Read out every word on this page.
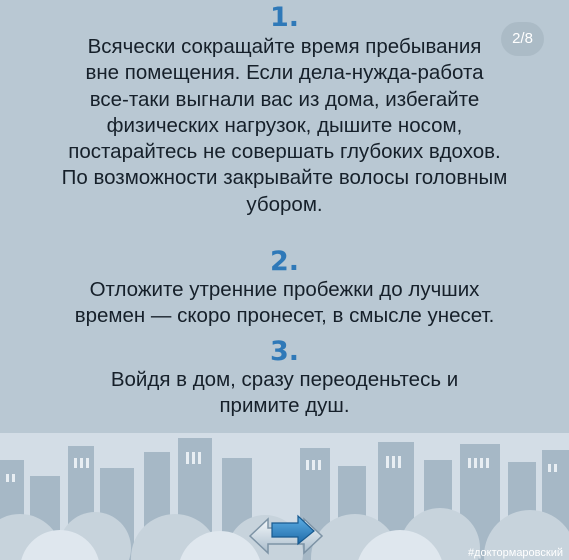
2/8
1.
Всячески сокращайте время пребывания
вне помещения. Если дела-нужда-работа
все-таки выгнали вас из дома, избегайте
физических нагрузок, дышите носом,
постарайтесь не совершать глубоких вдохов.
По возможности закрывайте волосы головным
убором.
2.
Отложите утренние пробежки до лучших
времен — скоро пронесет, в смысле унесет.
3.
Войдя в дом, сразу переоденьтесь и
примите душ.
#доктормаровский
